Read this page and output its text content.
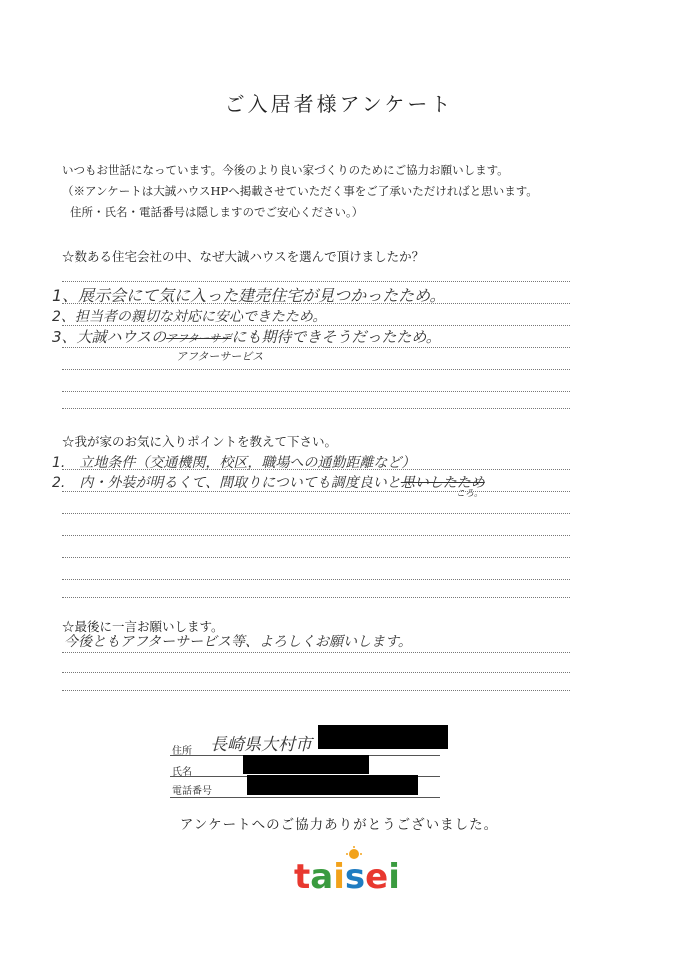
ご入居者様アンケート
いつもお世話になっています。今後のより良い家づくりのためにご協力お願いします。
（※アンケートは大誠ハウスHPへ掲載させていただく事をご了承いただければと思います。
住所・氏名・電話番号は隠しますのでご安心ください。）
☆数ある住宅会社の中、なぜ大誠ハウスを選んで頂けましたか？
1、展示会にて気に入った建売住宅が見つかったため。
2、担当者の親切な対応に安心できたため。
3、大誠ハウスのアフターサデにも期待できそうだったため。
アフターサービス
☆我が家のお気に入りポイントを教えて下さい。
1.　立地条件（交通機関，校区，職場への通勤距離など）
2.　内・外装が明るくて、間取りについても調度良いと思いしたため
ころ。
☆最後に一言お願いします。
今後ともアフターサービス等、よろしくお願いします。
住所 長崎県大村市
氏名
電話番号
アンケートへのご協力ありがとうございました。
taisei
